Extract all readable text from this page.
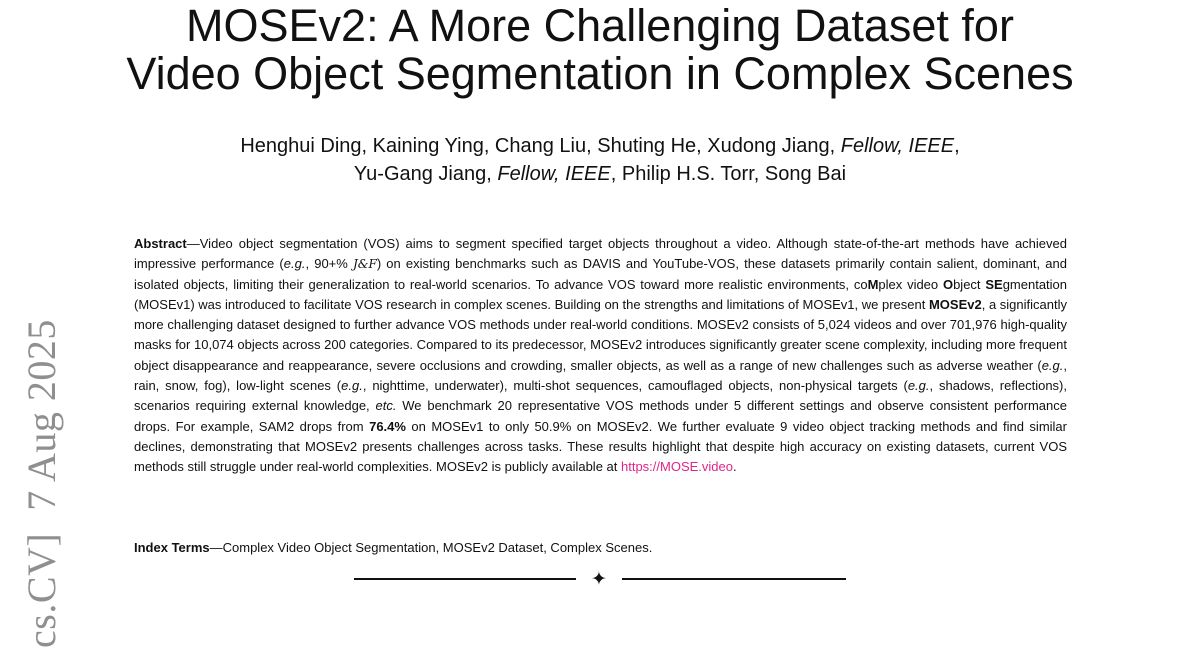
cs.CV]7 Aug 2025
MOSEv2: A More Challenging Dataset for
Video Object Segmentation in Complex Scenes
Henghui Ding, Kaining Ying, Chang Liu, Shuting He, Xudong Jiang, Fellow, IEEE,
Yu-Gang Jiang, Fellow, IEEE, Philip H.S. Torr, Song Bai
Abstract—Video object segmentation (VOS) aims to segment specified target objects throughout a video. Although state-of-the-art methods have achieved impressive performance (e.g., 90+% J&F) on existing benchmarks such as DAVIS and YouTube-VOS, these datasets primarily contain salient, dominant, and isolated objects, limiting their generalization to real-world scenarios. To advance VOS toward more realistic environments, coMplex video Object SEgmentation (MOSEv1) was introduced to facilitate VOS research in complex scenes. Building on the strengths and limitations of MOSEv1, we present MOSEv2, a significantly more challenging dataset designed to further advance VOS methods under real-world conditions. MOSEv2 consists of 5,024 videos and over 701,976 high-quality masks for 10,074 objects across 200 categories. Compared to its predecessor, MOSEv2 introduces significantly greater scene complexity, including more frequent object disappearance and reappearance, severe occlusions and crowding, smaller objects, as well as a range of new challenges such as adverse weather (e.g., rain, snow, fog), low-light scenes (e.g., nighttime, underwater), multi-shot sequences, camouflaged objects, non-physical targets (e.g., shadows, reflections), scenarios requiring external knowledge, etc. We benchmark 20 representative VOS methods under 5 different settings and observe consistent performance drops. For example, SAM2 drops from 76.4% on MOSEv1 to only 50.9% on MOSEv2. We further evaluate 9 video object tracking methods and find similar declines, demonstrating that MOSEv2 presents challenges across tasks. These results highlight that despite high accuracy on existing datasets, current VOS methods still struggle under real-world complexities. MOSEv2 is publicly available at https://MOSE.video.
Index Terms—Complex Video Object Segmentation, MOSEv2 Dataset, Complex Scenes.
✦
